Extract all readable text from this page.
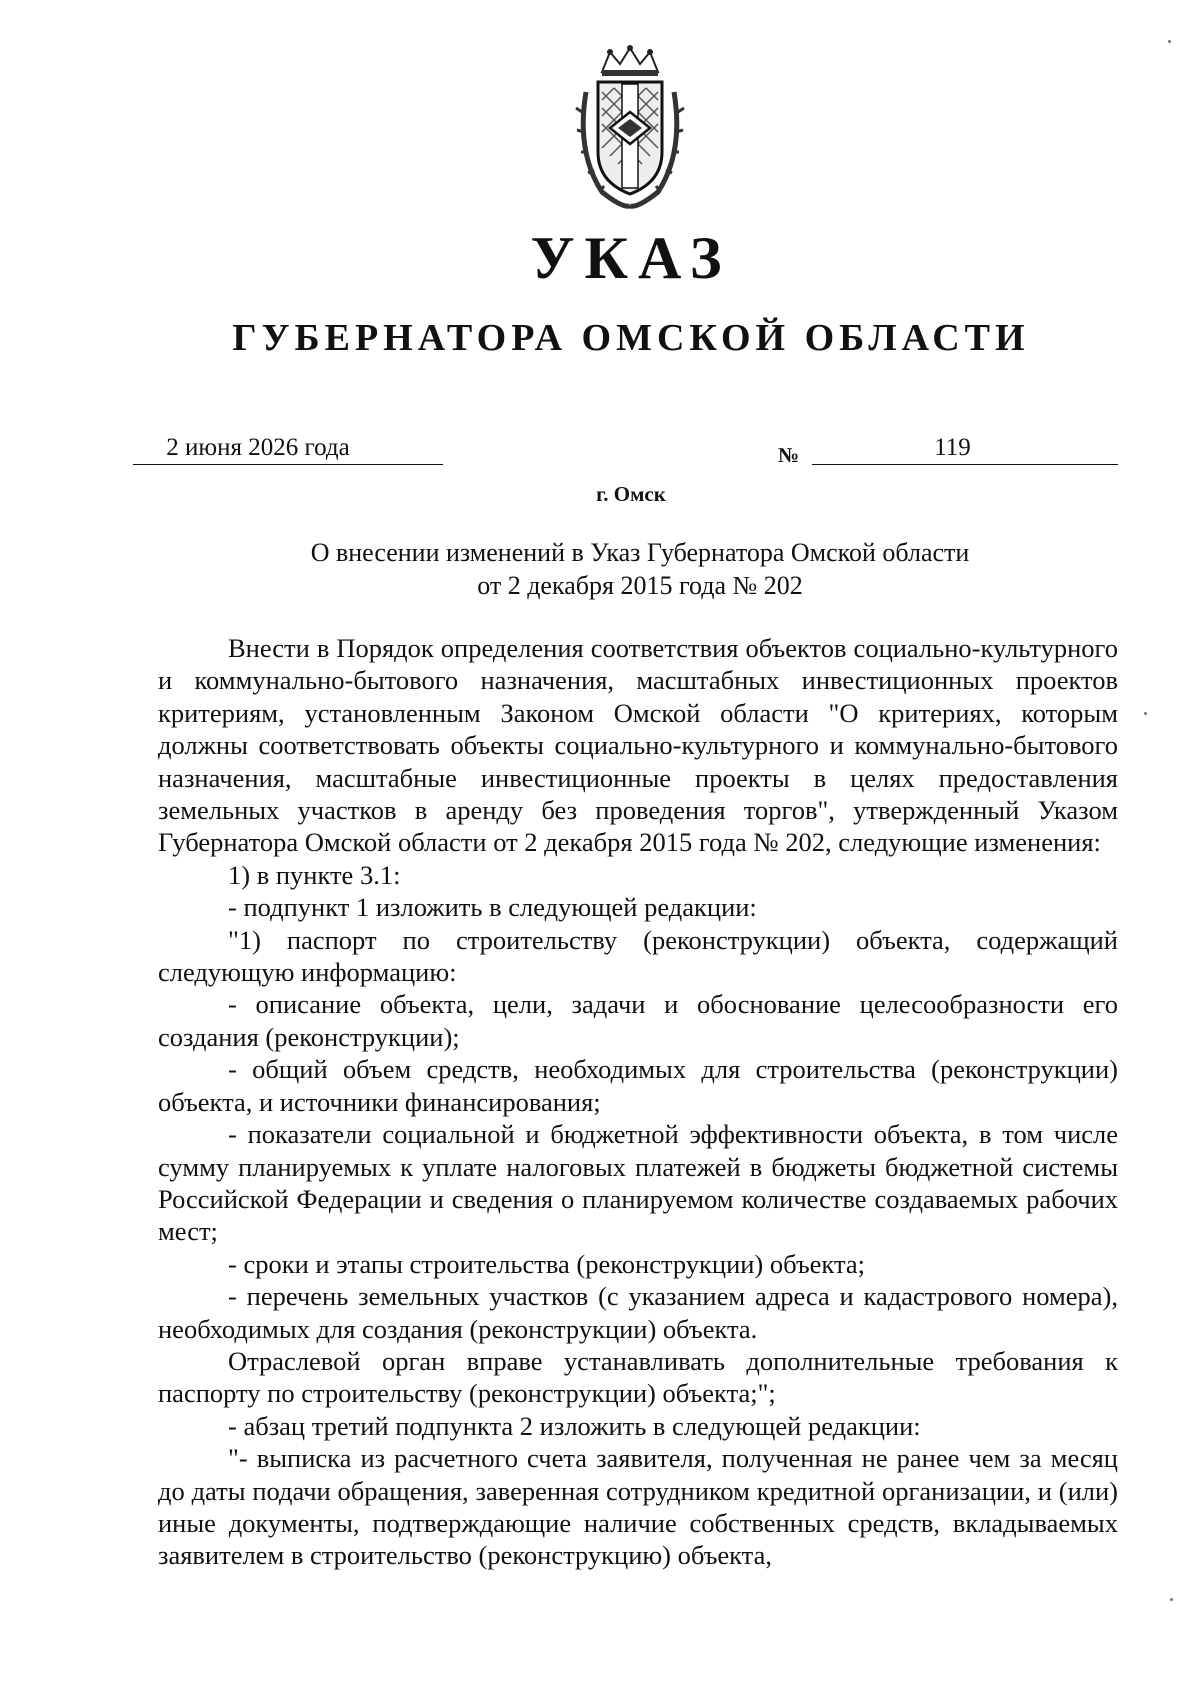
УКАЗ
ГУБЕРНАТОРА ОМСКОЙ ОБЛАСТИ
2 июня 2026 года	№	119
г. Омск
О внесении изменений в Указ Губернатора Омской области
от 2 декабря 2015 года № 202

Внести в Порядок определения соответствия объектов социально-культурного и коммунально-бытового назначения, масштабных инвестиционных проектов критериям, установленным Законом Омской области "О критериях, которым должны соответствовать объекты социально-культурного и коммунально-бытового назначения, масштабные инвестиционные проекты в целях предоставления земельных участков в аренду без проведения торгов", утвержденный Указом Губернатора Омской области от 2 декабря 2015 года № 202, следующие изменения:

1) в пункте 3.1:

- подпункт 1 изложить в следующей редакции:

"1) паспорт по строительству (реконструкции) объекта, содержащий следующую информацию:

- описание объекта, цели, задачи и обоснование целесообразности его создания (реконструкции);

- общий объем средств, необходимых для строительства (реконструкции) объекта, и источники финансирования;

- показатели социальной и бюджетной эффективности объекта, в том числе сумму планируемых к уплате налоговых платежей в бюджеты бюджетной системы Российской Федерации и сведения о планируемом количестве создаваемых рабочих мест;

- сроки и этапы строительства (реконструкции) объекта;

- перечень земельных участков (с указанием адреса и кадастрового номера), необходимых для создания (реконструкции) объекта.

Отраслевой орган вправе устанавливать дополнительные требования к паспорту по строительству (реконструкции) объекта;";

- абзац третий подпункта 2 изложить в следующей редакции:

"- выписка из расчетного счета заявителя, полученная не ранее чем за месяц до даты подачи обращения, заверенная сотрудником кредитной организации, и (или) иные документы, подтверждающие наличие собственных средств, вкладываемых заявителем в строительство (реконструкцию) объекта,
